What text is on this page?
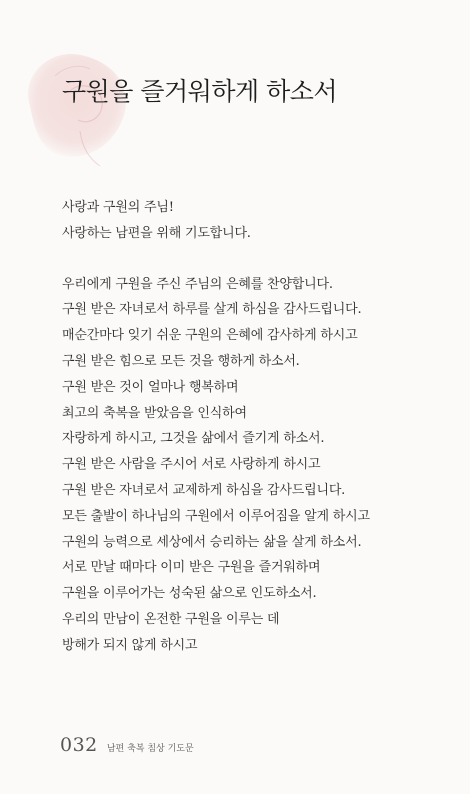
구원을 즐거워하게 하소서
사랑과 구원의 주님!
사랑하는 남편을 위해 기도합니다.
우리에게 구원을 주신 주님의 은혜를 찬양합니다.
구원 받은 자녀로서 하루를 살게 하심을 감사드립니다.
매순간마다 잊기 쉬운 구원의 은혜에 감사하게 하시고
구원 받은 힘으로 모든 것을 행하게 하소서.
구원 받은 것이 얼마나 행복하며
최고의 축복을 받았음을 인식하여
자랑하게 하시고, 그것을 삶에서 즐기게 하소서.
구원 받은 사람을 주시어 서로 사랑하게 하시고
구원 받은 자녀로서 교제하게 하심을 감사드립니다.
모든 출발이 하나님의 구원에서 이루어짐을 알게 하시고
구원의 능력으로 세상에서 승리하는 삶을 살게 하소서.
서로 만날 때마다 이미 받은 구원을 즐거워하며
구원을 이루어가는 성숙된 삶으로 인도하소서.
우리의 만남이 온전한 구원을 이루는 데
방해가 되지 않게 하시고
032 남편 축복 침상 기도문
